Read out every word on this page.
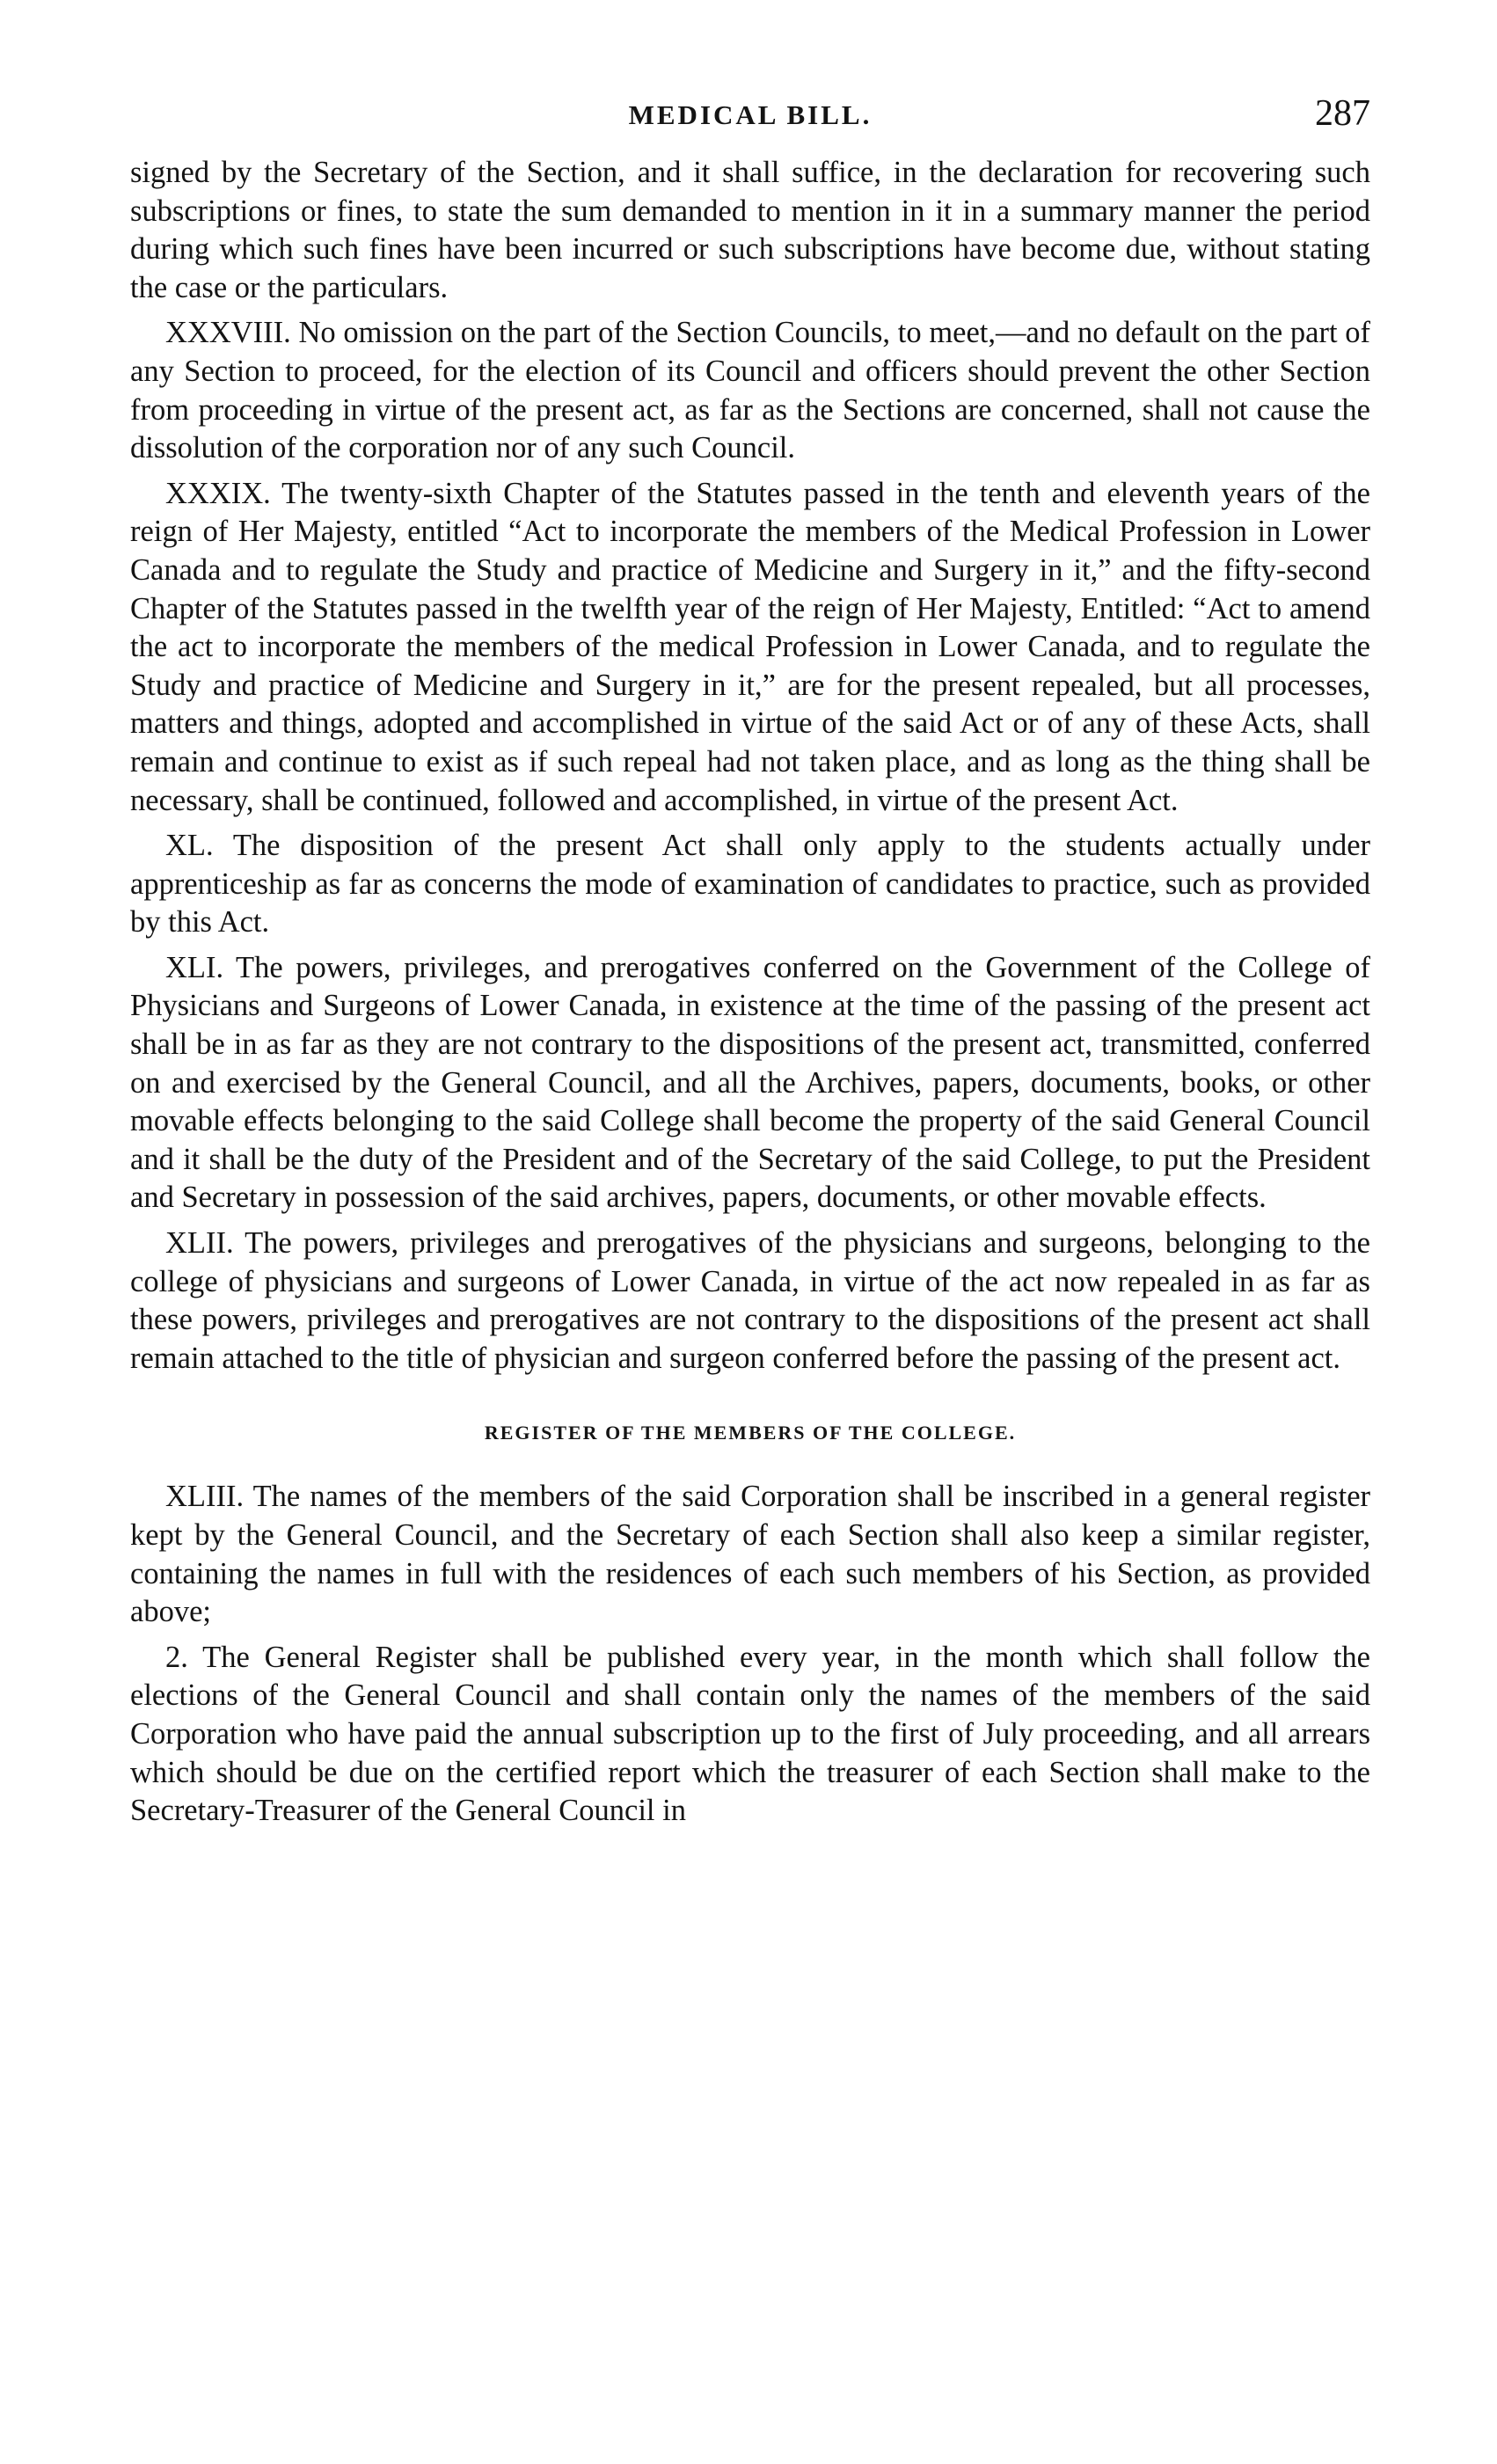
MEDICAL BILL.	287

signed by the Secretary of the Section, and it shall suffice, in the declaration for recovering such subscriptions or fines, to state the sum demanded to mention in it in a summary manner the period during which such fines have been incurred or such subscriptions have become due, without stating the case or the particulars.

XXXVIII. No omission on the part of the Section Councils, to meet,—and no default on the part of any Section to proceed, for the election of its Council and officers should prevent the other Section from proceeding in virtue of the present act, as far as the Sections are concerned, shall not cause the dissolution of the corporation nor of any such Council.

XXXIX. The twenty-sixth Chapter of the Statutes passed in the tenth and eleventh years of the reign of Her Majesty, entitled “Act to incorporate the members of the Medical Profession in Lower Canada and to regulate the Study and practice of Medicine and Surgery in it,” and the fifty-second Chapter of the Statutes passed in the twelfth year of the reign of Her Majesty, Entitled: “Act to amend the act to incorporate the members of the medical Profession in Lower Canada, and to regulate the Study and practice of Medicine and Surgery in it,” are for the present repealed, but all processes, matters and things, adopted and accomplished in virtue of the said Act or of any of these Acts, shall remain and continue to exist as if such repeal had not taken place, and as long as the thing shall be necessary, shall be continued, followed and accomplished, in virtue of the present Act.

XL. The disposition of the present Act shall only apply to the students actually under apprenticeship as far as concerns the mode of examination of candidates to practice, such as provided by this Act.

XLI. The powers, privileges, and prerogatives conferred on the Government of the College of Physicians and Surgeons of Lower Canada, in existence at the time of the passing of the present act shall be in as far as they are not contrary to the dispositions of the present act, transmitted, conferred on and exercised by the General Council, and all the Archives, papers, documents, books, or other movable effects belonging to the said College shall become the property of the said General Council and it shall be the duty of the President and of the Secretary of the said College, to put the President and Secretary in possession of the said archives, papers, documents, or other movable effects.

XLII. The powers, privileges and prerogatives of the physicians and surgeons, belonging to the college of physicians and surgeons of Lower Canada, in virtue of the act now repealed in as far as these powers, privileges and prerogatives are not contrary to the dispositions of the present act shall remain attached to the title of physician and surgeon conferred before the passing of the present act.

REGISTER OF THE MEMBERS OF THE COLLEGE.

XLIII. The names of the members of the said Corporation shall be inscribed in a general register kept by the General Council, and the Secretary of each Section shall also keep a similar register, containing the names in full with the residences of each such members of his Section, as provided above;

2. The General Register shall be published every year, in the month which shall follow the elections of the General Council and shall contain only the names of the members of the said Corporation who have paid the annual subscription up to the first of July proceeding, and all arrears which should be due on the certified report which the treasurer of each Section shall make to the Secretary-Treasurer of the General Council in
